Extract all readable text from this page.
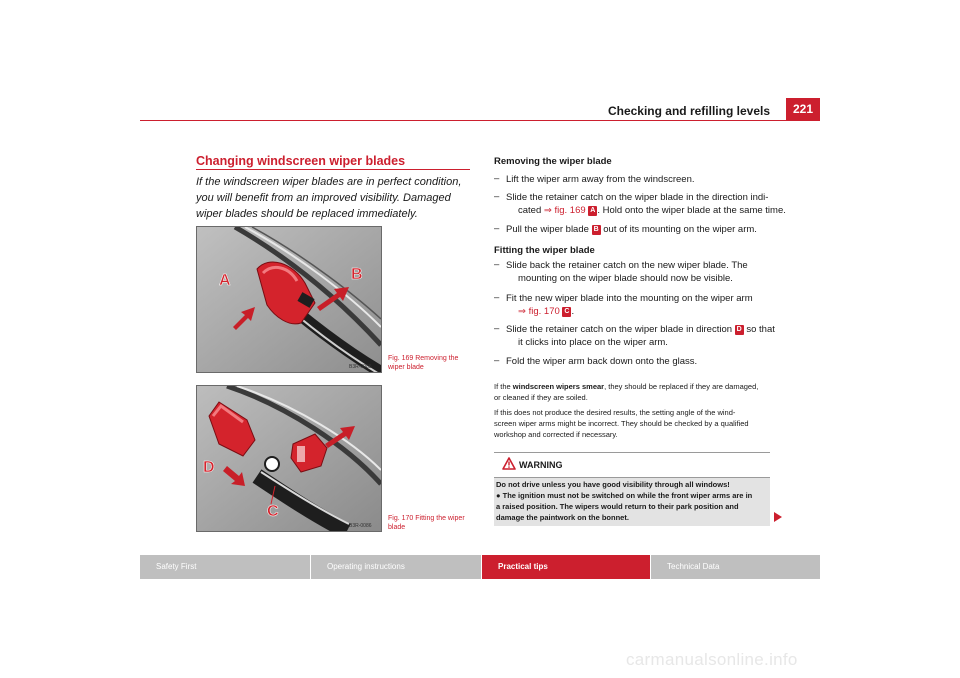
Checking and refilling levels	221
Changing windscreen wiper blades
If the windscreen wiper blades are in perfect condition, you will benefit from an improved visibility. Damaged wiper blades should be replaced immediately.
A	B
B3R-0085
Fig. 169 Removing the wiper blade
D
C
B3R-0086
Fig. 170 Fitting the wiper blade
Removing the wiper blade
– Lift the wiper arm away from the windscreen.
– Slide the retainer catch on the wiper blade in the direction indi-
cated ⇒ fig. 169 A . Hold onto the wiper blade at the same time.
– Pull the wiper blade B out of its mounting on the wiper arm.
Fitting the wiper blade
– Slide back the retainer catch on the new wiper blade. The
mounting on the wiper blade should now be visible.
– Fit the new wiper blade into the mounting on the wiper arm
⇒ fig. 170 C .
– Slide the retainer catch on the wiper blade in direction D so that
it clicks into place on the wiper arm.
– Fold the wiper arm back down onto the glass.
If the windscreen wipers smear, they should be replaced if they are damaged,
or cleaned if they are soiled.
If this does not produce the desired results, the setting angle of the wind-
screen wiper arms might be incorrect. They should be checked by a qualified
workshop and corrected if necessary.
WARNING
Do not drive unless you have good visibility through all windows!
● The ignition must not be switched on while the front wiper arms are in
a raised position. The wipers would return to their park position and
damage the paintwork on the bonnet.
Safety First	Operating instructions	Practical tips	Technical Data
carmanualsonline.info
